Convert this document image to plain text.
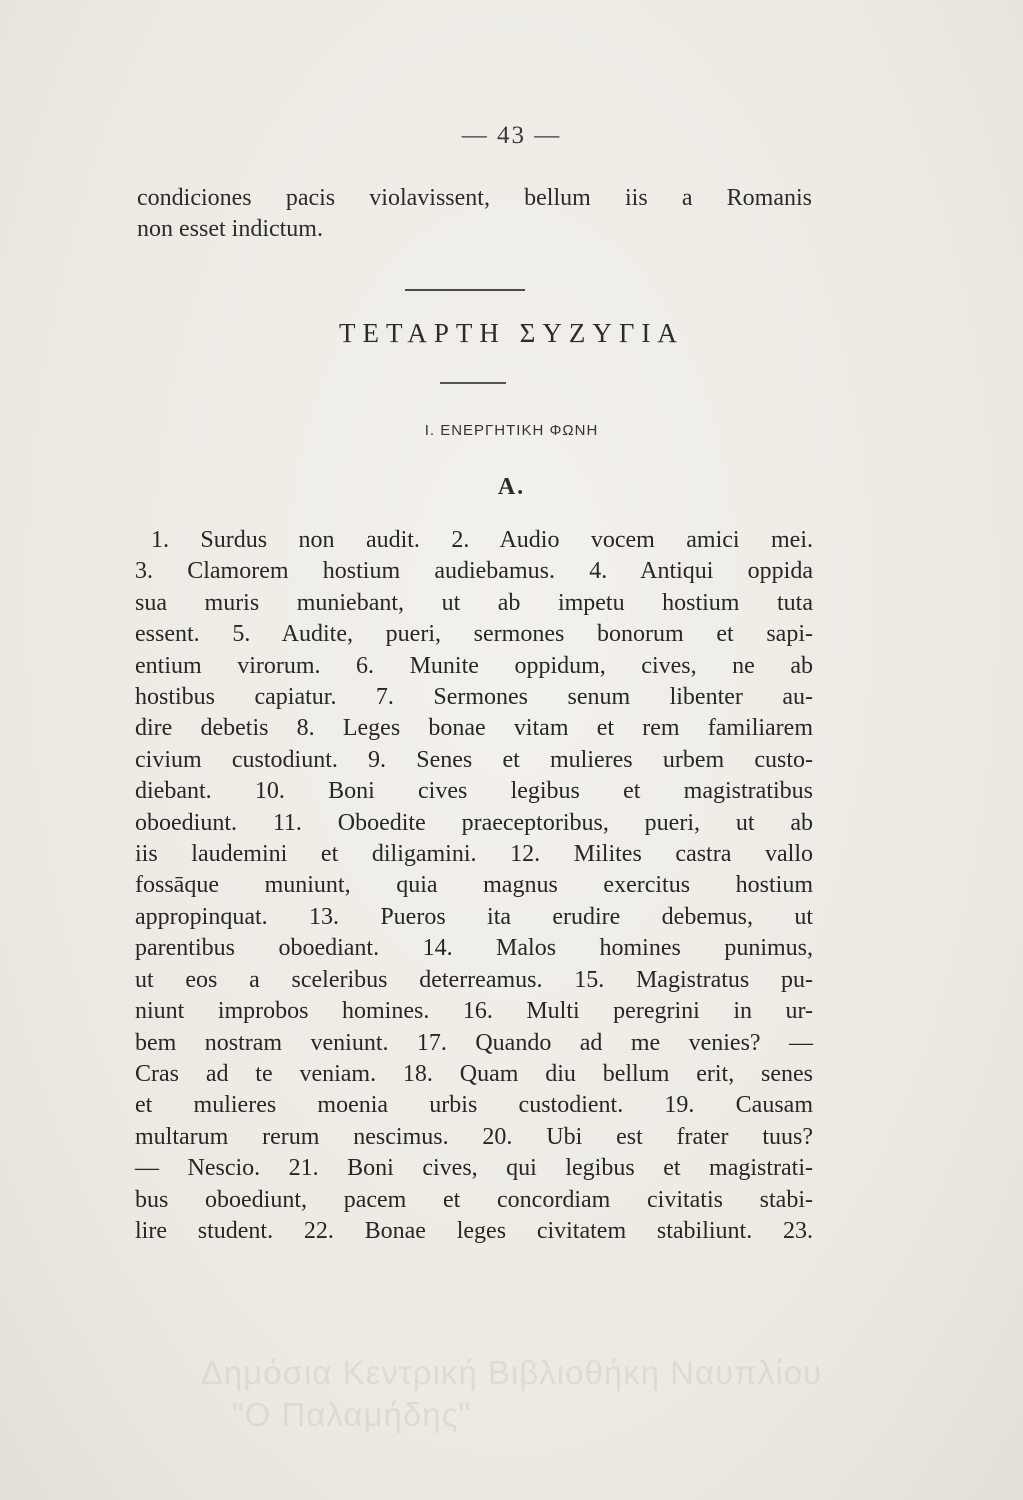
— 43 —
condiciones pacis violavissent, bellum iis a Romanis
non esset indictum.
ΤΕΤΑΡΤΗ ΣΥΖΥΓΙΑ
I. ΕΝΕΡΓΗΤΙΚΗ ΦΩΝΗ
A.
1. Surdus non audit. 2. Audio vocem amici mei.
3. Clamorem hostium audiebamus. 4. Antiqui oppida
sua muris muniebant, ut ab impetu hostium tuta
essent. 5. Audite, pueri, sermones bonorum et sapi-
entium virorum. 6. Munite oppidum, cives, ne ab
hostibus capiatur. 7. Sermones senum libenter au-
dire debetis 8. Leges bonae vitam et rem familiarem
civium custodiunt. 9. Senes et mulieres urbem custo-
diebant. 10. Boni cives legibus et magistratibus
oboediunt. 11. Oboedite praeceptoribus, pueri, ut ab
iis laudemini et diligamini. 12. Milites castra vallo
fossāque muniunt, quia magnus exercitus hostium
appropinquat. 13. Pueros ita erudire debemus, ut
parentibus oboediant. 14. Malos homines punimus,
ut eos a sceleribus deterreamus. 15. Magistratus pu-
niunt improbos homines. 16. Multi peregrini in ur-
bem nostram veniunt. 17. Quando ad me venies? —
Cras ad te veniam. 18. Quam diu bellum erit, senes
et mulieres moenia urbis custodient. 19. Causam
multarum rerum nescimus. 20. Ubi est frater tuus?
— Nescio. 21. Boni cives, qui legibus et magistrati-
bus oboediunt, pacem et concordiam civitatis stabi-
lire student. 22. Bonae leges civitatem stabiliunt. 23.
Δημόσια Κεντρική Βιβλιοθήκη Ναυπλίου
"Ο Παλαμήδης"
